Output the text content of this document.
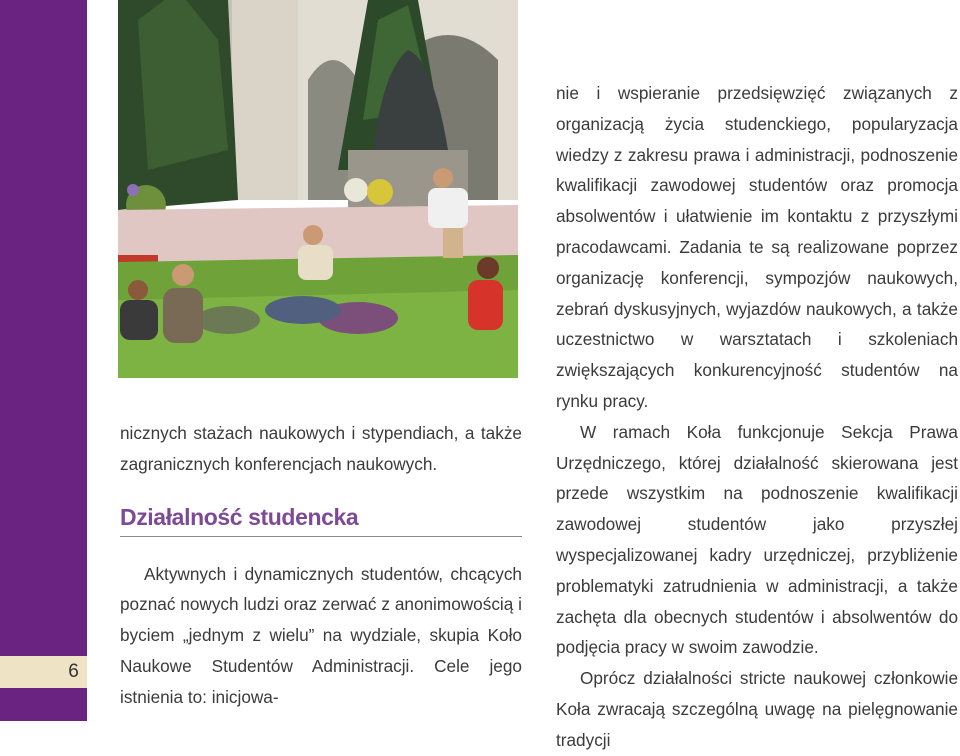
6

nicznych stażach naukowych i stypendiach, a także zagranicznych konferencjach naukowych.

Działalność studencka

Aktywnych i dynamicznych studentów, chcących poznać nowych ludzi oraz zerwać z anonimowością i byciem „jednym z wielu” na wydziale, skupia Koło Naukowe Studentów Administracji. Cele jego istnienia to: inicjowa-

nie i wspieranie przedsięwzięć związanych z organizacją życia studenckiego, popularyzacja wiedzy z zakresu prawa i administracji, podnoszenie kwalifikacji zawodowej studentów oraz promocja absolwentów i ułatwienie im kontaktu z przyszłymi pracodawcami. Zadania te są realizowane poprzez organizację konferencji, sympozjów naukowych, zebrań dyskusyjnych, wyjazdów naukowych, a także uczestnictwo w warsztatach i szkoleniach zwiększających konkurencyjność studentów na rynku pracy.

W ramach Koła funkcjonuje Sekcja Prawa Urzędniczego, której działalność skierowana jest przede wszystkim na podnoszenie kwalifikacji zawodowej studentów jako przyszłej wyspecjalizowanej kadry urzędniczej, przybliżenie problematyki zatrudnienia w administracji, a także zachęta dla obecnych studentów i absolwentów do podjęcia pracy w swoim zawodzie.

Oprócz działalności stricte naukowej członkowie Koła zwracają szczególną uwagę na pielęgnowanie tradycji
